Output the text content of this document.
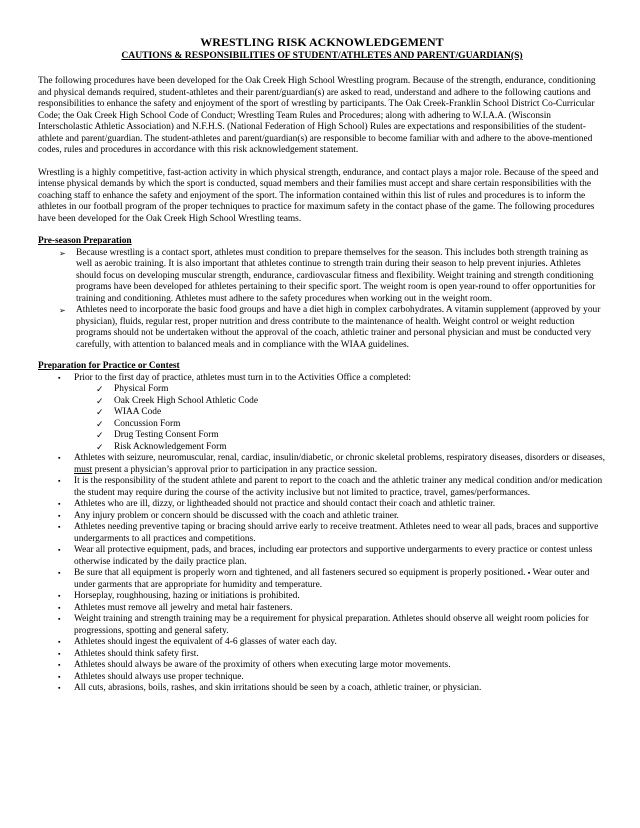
WRESTLING RISK ACKNOWLEDGEMENT
CAUTIONS & RESPONSIBILITIES OF STUDENT/ATHLETES AND PARENT/GUARDIAN(S)

The following procedures have been developed for the Oak Creek High School Wrestling program. Because of the strength, endurance, conditioning and physical demands required, student-athletes and their parent/guardian(s) are asked to read, understand and adhere to the following cautions and responsibilities to enhance the safety and enjoyment of the sport of wrestling by participants. The Oak Creek-Franklin School District Co-Curricular Code; the Oak Creek High School Code of Conduct; Wrestling Team Rules and Procedures; along with adhering to W.I.A.A. (Wisconsin Interscholastic Athletic Association) and N.F.H.S. (National Federation of High School) Rules are expectations and responsibilities of the student-athlete and parent/guardian. The student-athletes and parent/guardian(s) are responsible to become familiar with and adhere to the above-mentioned codes, rules and procedures in accordance with this risk acknowledgement statement.

Wrestling is a highly competitive, fast-action activity in which physical strength, endurance, and contact plays a major role. Because of the speed and intense physical demands by which the sport is conducted, squad members and their families must accept and share certain responsibilities with the coaching staff to enhance the safety and enjoyment of the sport. The information contained within this list of rules and procedures is to inform the athletes in our football program of the proper techniques to practice for maximum safety in the contact phase of the game. The following procedures have been developed for the Oak Creek High School Wrestling teams.

Pre-season Preparation
➢ Because wrestling is a contact sport, athletes must condition to prepare themselves for the season. This includes both strength training as well as aerobic training. It is also important that athletes continue to strength train during their season to help prevent injuries. Athletes should focus on developing muscular strength, endurance, cardiovascular fitness and flexibility. Weight training and strength conditioning programs have been developed for athletes pertaining to their specific sport. The weight room is open year-round to offer opportunities for training and conditioning. Athletes must adhere to the safety procedures when working out in the weight room.
➢ Athletes need to incorporate the basic food groups and have a diet high in complex carbohydrates. A vitamin supplement (approved by your physician), fluids, regular rest, proper nutrition and dress contribute to the maintenance of health. Weight control or weight reduction programs should not be undertaken without the approval of the coach, athletic trainer and personal physician and must be conducted very carefully, with attention to balanced meals and in compliance with the WIAA guidelines.
Preparation for Practice or Contest
▪ Prior to the first day of practice, athletes must turn in to the Activities Office a completed:
✓ Physical Form
✓ Oak Creek High School Athletic Code
✓ WIAA Code
✓ Concussion Form
✓ Drug Testing Consent Form
✓ Risk Acknowledgement Form
▪ Athletes with seizure, neuromuscular, renal, cardiac, insulin/diabetic, or chronic skeletal problems, respiratory diseases, disorders or diseases, must present a physician’s approval prior to participation in any practice session.
▪ It is the responsibility of the student athlete and parent to report to the coach and the athletic trainer any medical condition and/or medication the student may require during the course of the activity inclusive but not limited to practice, travel, games/performances.
▪ Athletes who are ill, dizzy, or lightheaded should not practice and should contact their coach and athletic trainer.
▪ Any injury problem or concern should be discussed with the coach and athletic trainer.
▪ Athletes needing preventive taping or bracing should arrive early to receive treatment. Athletes need to wear all pads, braces and supportive undergarments to all practices and competitions.
▪ Wear all protective equipment, pads, and braces, including ear protectors and supportive undergarments to every practice or contest unless otherwise indicated by the daily practice plan.
▪ Be sure that all equipment is properly worn and tightened, and all fasteners secured so equipment is properly positioned. ▪ Wear outer and under garments that are appropriate for humidity and temperature.
▪ Horseplay, roughhousing, hazing or initiations is prohibited.
▪ Athletes must remove all jewelry and metal hair fasteners.
▪ Weight training and strength training may be a requirement for physical preparation. Athletes should observe all weight room policies for progressions, spotting and general safety.
▪ Athletes should ingest the equivalent of 4-6 glasses of water each day.
▪ Athletes should think safety first.
▪ Athletes should always be aware of the proximity of others when executing large motor movements.
▪ Athletes should always use proper technique.
▪ All cuts, abrasions, boils, rashes, and skin irritations should be seen by a coach, athletic trainer, or physician.
